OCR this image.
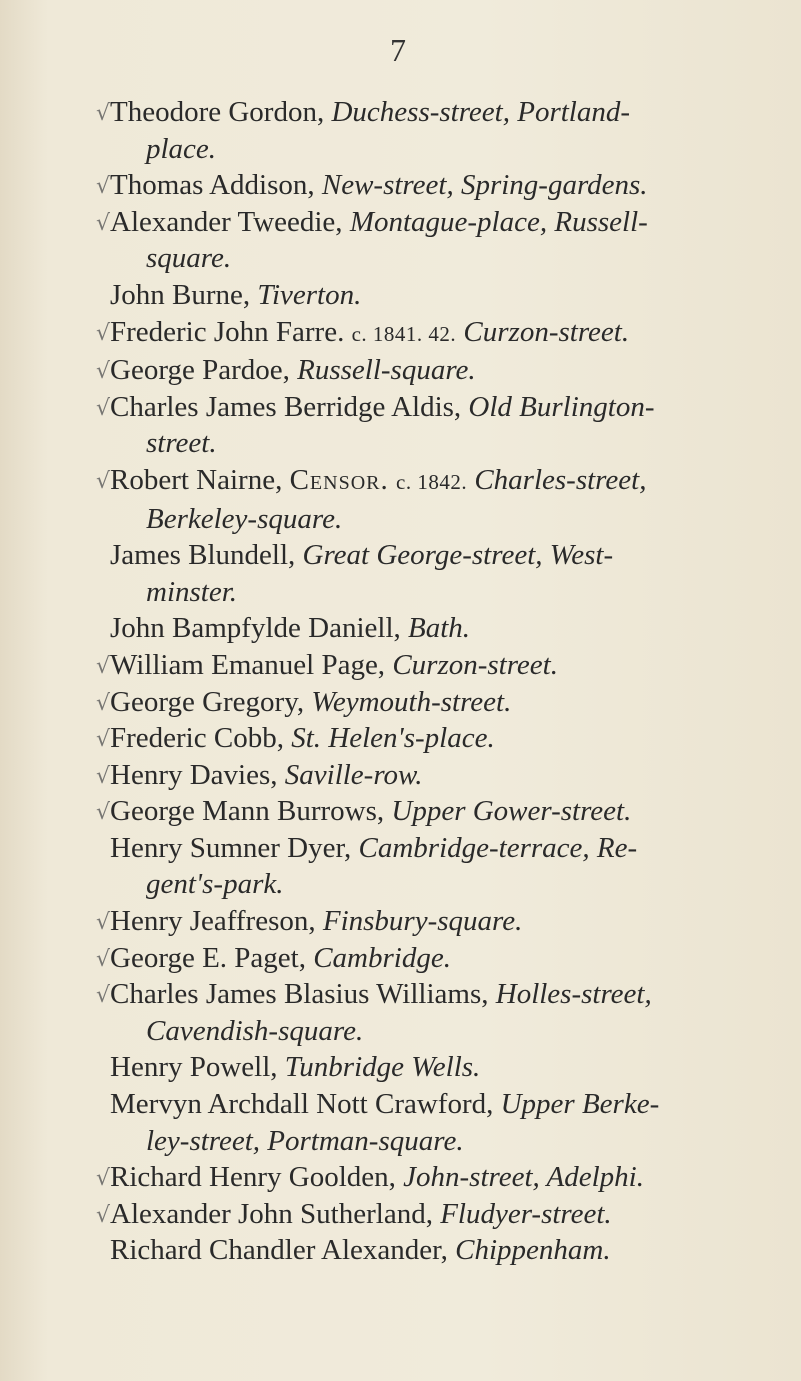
7

√ Theodore Gordon, Duchess-street, Portland-
place.

√ Thomas Addison, New-street, Spring-gardens.

√ Alexander Tweedie, Montague-place, Russell-
square.

John Burne, Tiverton.

√ Frederic John Farre. c. 1841. 42. Curzon-street.

√ George Pardoe, Russell-square.

√ Charles James Berridge Aldis, Old Burlington-
street.

√ Robert Nairne, Censor. c. 1842. Charles-street,
Berkeley-square.

James Blundell, Great George-street, West-
minster.

John Bampfylde Daniell, Bath.

√ William Emanuel Page, Curzon-street.

√ George Gregory, Weymouth-street.

√ Frederic Cobb, St. Helen's-place.

√ Henry Davies, Saville-row.

√ George Mann Burrows, Upper Gower-street.

Henry Sumner Dyer, Cambridge-terrace, Re-
gent's-park.

√ Henry Jeaffreson, Finsbury-square.

√ George E. Paget, Cambridge.

√ Charles James Blasius Williams, Holles-street,
Cavendish-square.

Henry Powell, Tunbridge Wells.

Mervyn Archdall Nott Crawford, Upper Berke-
ley-street, Portman-square.

√ Richard Henry Goolden, John-street, Adelphi.

√ Alexander John Sutherland, Fludyer-street.

Richard Chandler Alexander, Chippenham.
